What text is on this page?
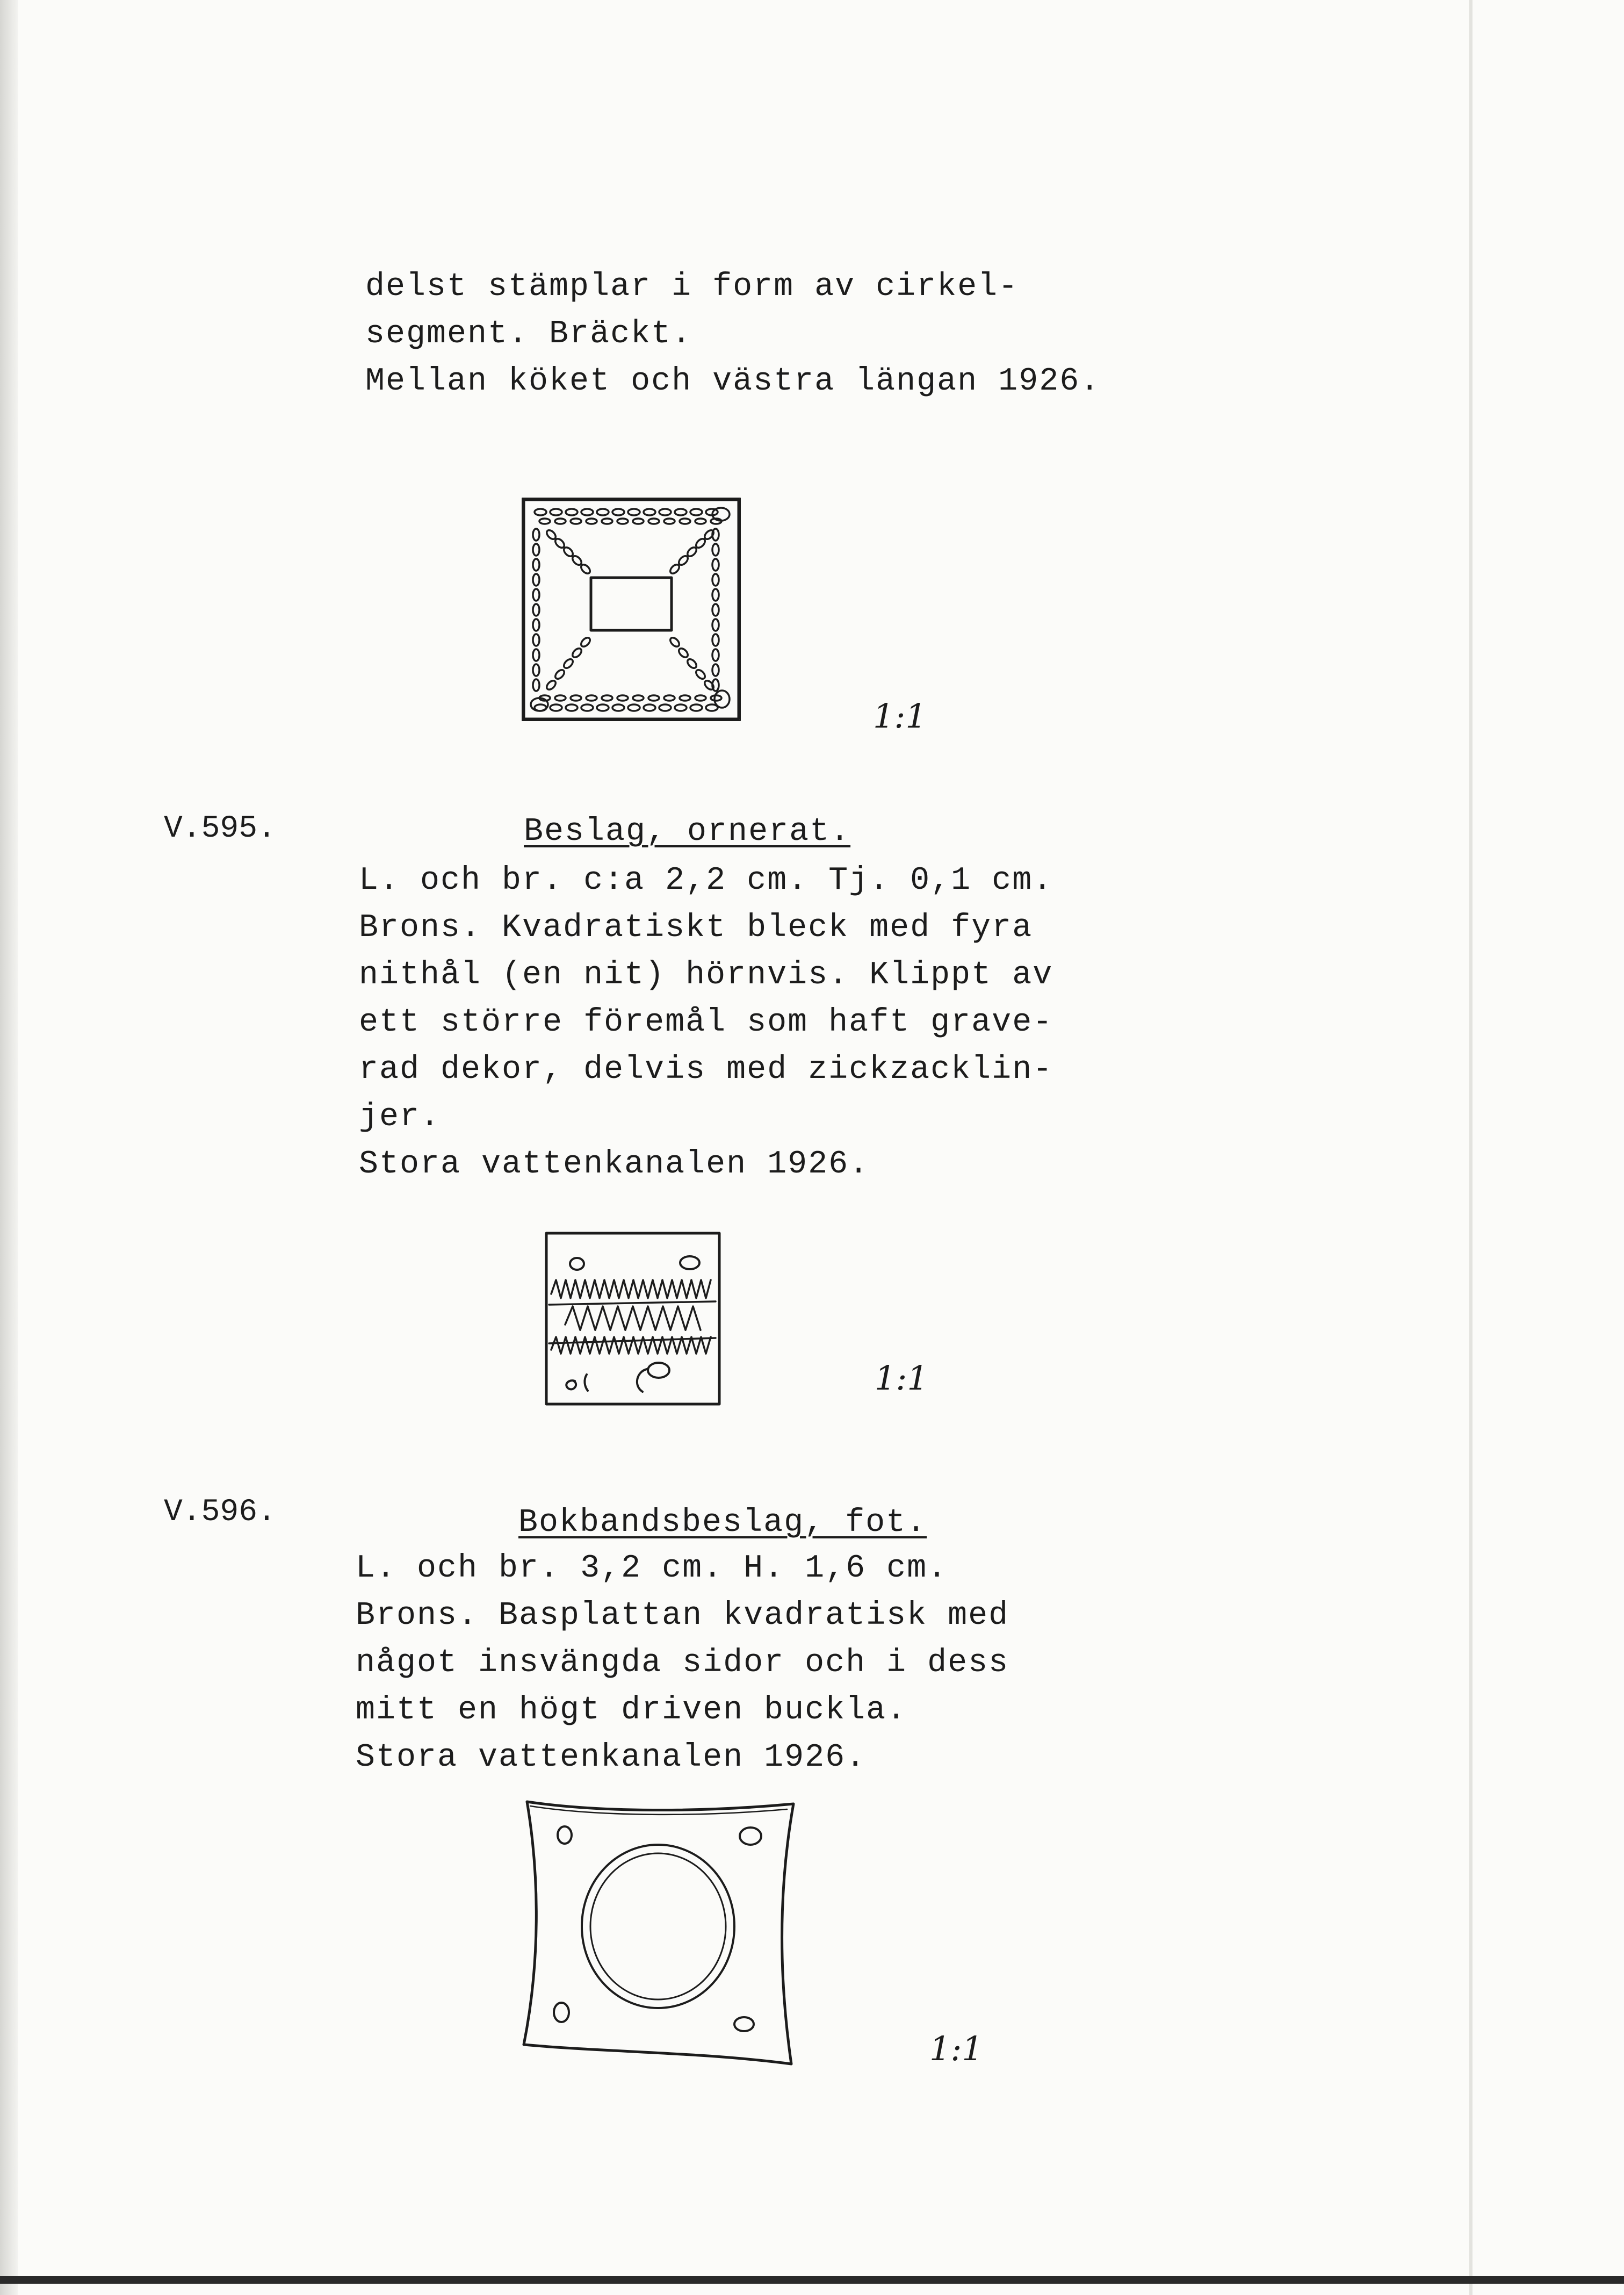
delst stämplar i form av cirkel-
segment. Bräckt.
Mellan köket och västra längan 1926.
1:1
V.595.	Beslag, ornerat.
L. och br. c:a 2,2 cm. Tj. 0,1 cm.
Brons. Kvadratiskt bleck med fyra
nithål (en nit) hörnvis. Klippt av
ett större föremål som haft grave-
rad dekor, delvis med zickzacklin-
jer.
Stora vattenkanalen 1926.
1:1
V.596.	Bokbandsbeslag, fot.
L. och br. 3,2 cm. H. 1,6 cm.
Brons. Basplattan kvadratisk med
något insvängda sidor och i dess
mitt en högt driven buckla.
Stora vattenkanalen 1926.
1:1
